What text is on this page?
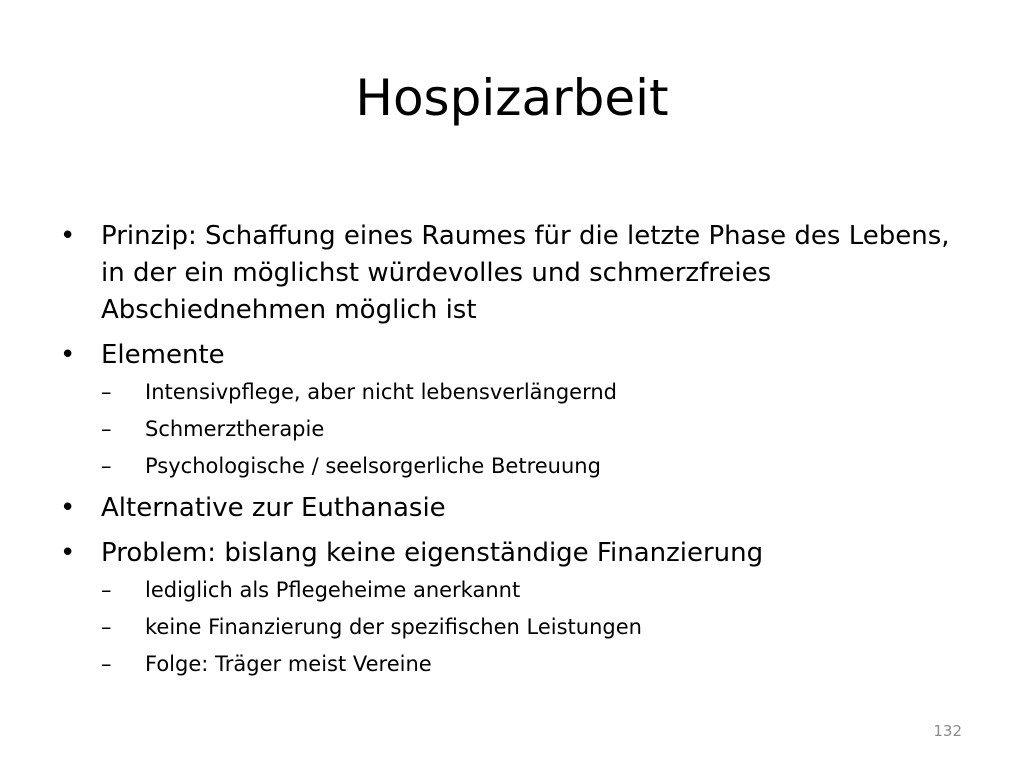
Hospizarbeit
• Prinzip: Schaffung eines Raumes für die letzte Phase des Lebens, in der ein möglichst würdevolles und schmerzfreies Abschiednehmen möglich ist
• Elemente
–	Intensivpflege, aber nicht lebensverlängernd
–	Schmerztherapie
–	Psychologische / seelsorgerliche Betreuung
• Alternative zur Euthanasie
• Problem: bislang keine eigenständige Finanzierung
–	lediglich als Pflegeheime anerkannt
–	keine Finanzierung der spezifischen Leistungen
–	Folge: Träger meist Vereine
132
